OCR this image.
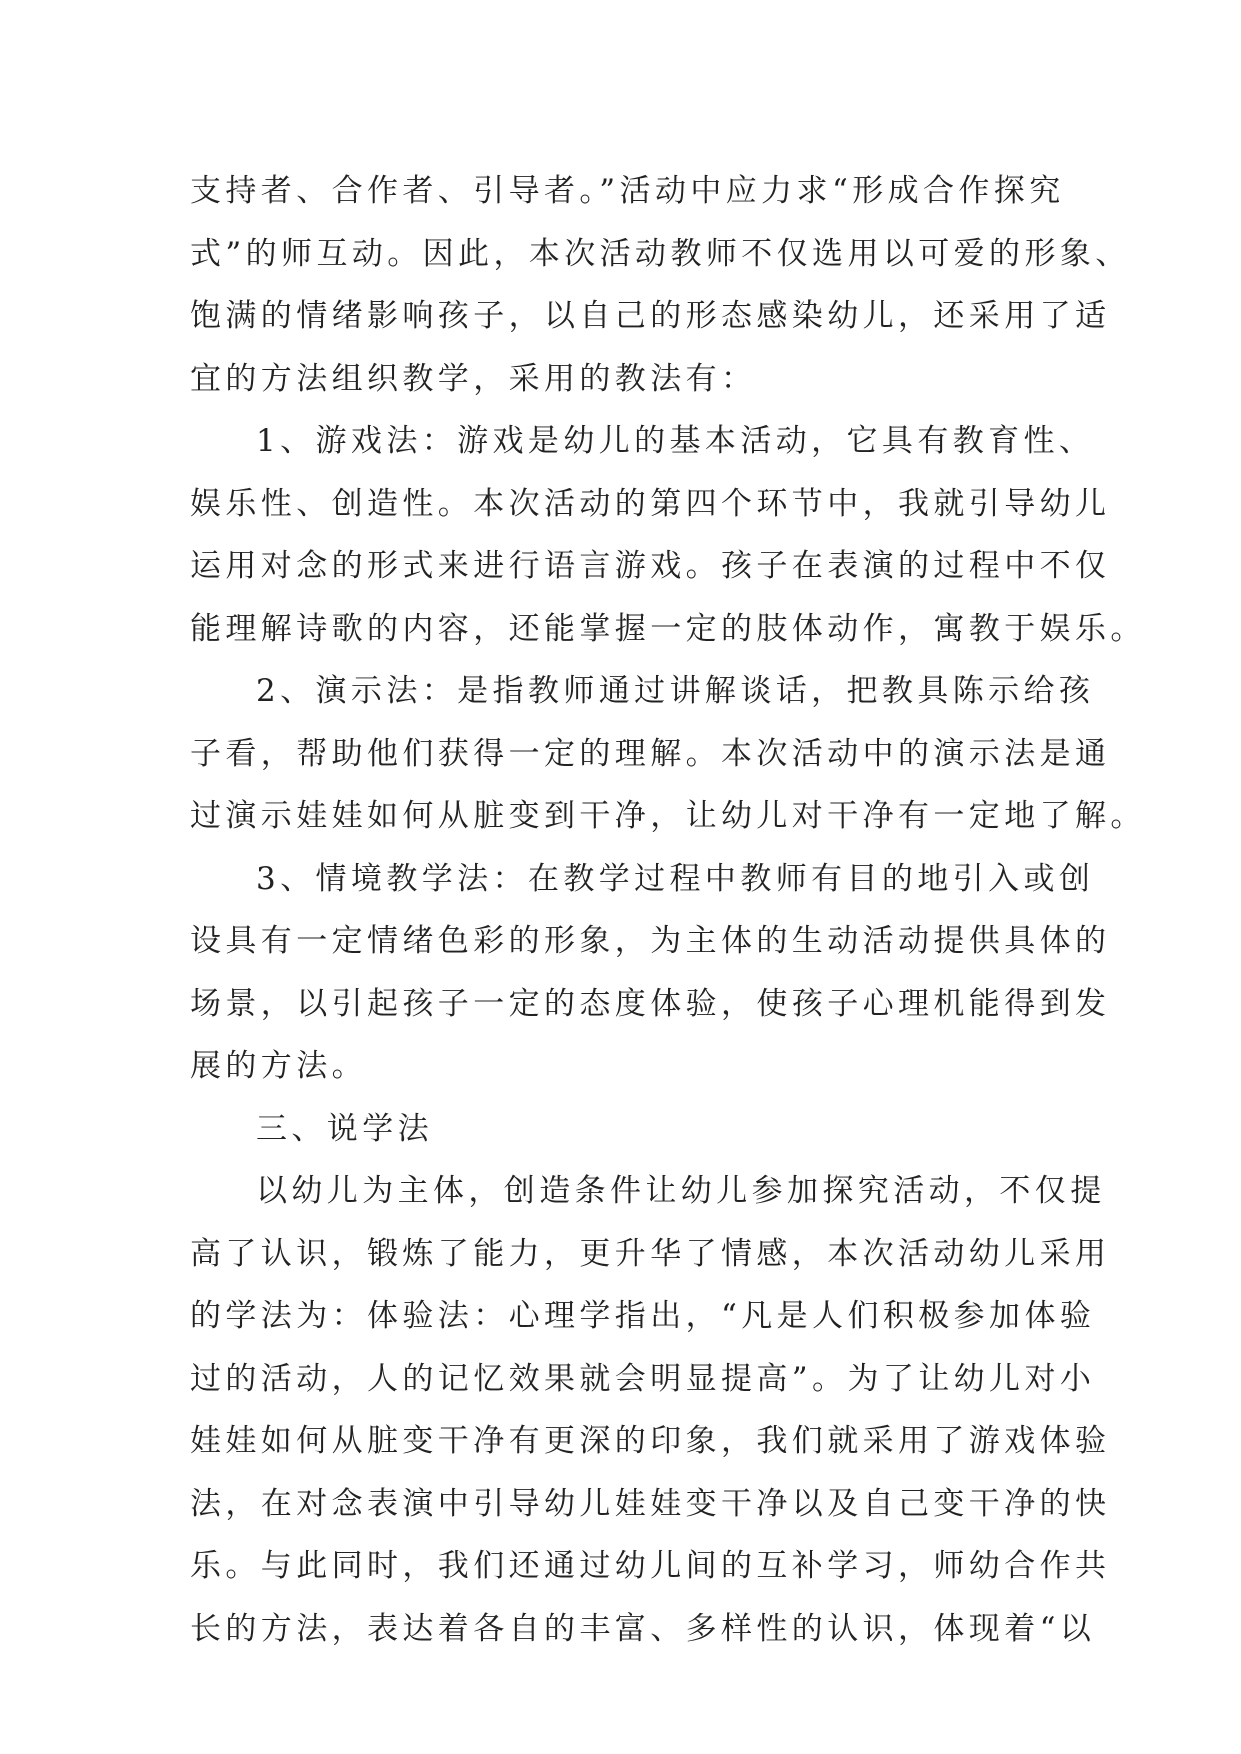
支持者、合作者、引导者。”活动中应力求“形成合作探究
式”的师互动。因此，本次活动教师不仅选用以可爱的形象、
饱满的情绪影响孩子，以自己的形态感染幼儿，还采用了适
宜的方法组织教学，采用的教法有：

1、游戏法：游戏是幼儿的基本活动，它具有教育性、
娱乐性、创造性。本次活动的第四个环节中，我就引导幼儿
运用对念的形式来进行语言游戏。孩子在表演的过程中不仅
能理解诗歌的内容，还能掌握一定的肢体动作，寓教于娱乐。

2、演示法：是指教师通过讲解谈话，把教具陈示给孩
子看，帮助他们获得一定的理解。本次活动中的演示法是通
过演示娃娃如何从脏变到干净，让幼儿对干净有一定地了解。

3、情境教学法：在教学过程中教师有目的地引入或创
设具有一定情绪色彩的形象，为主体的生动活动提供具体的
场景，以引起孩子一定的态度体验，使孩子心理机能得到发
展的方法。

三、说学法

以幼儿为主体，创造条件让幼儿参加探究活动，不仅提
高了认识，锻炼了能力，更升华了情感，本次活动幼儿采用
的学法为：体验法：心理学指出，“凡是人们积极参加体验
过的活动，人的记忆效果就会明显提高”。为了让幼儿对小
娃娃如何从脏变干净有更深的印象，我们就采用了游戏体验
法，在对念表演中引导幼儿娃娃变干净以及自己变干净的快
乐。与此同时，我们还通过幼儿间的互补学习，师幼合作共
长的方法，表达着各自的丰富、多样性的认识，体现着“以
